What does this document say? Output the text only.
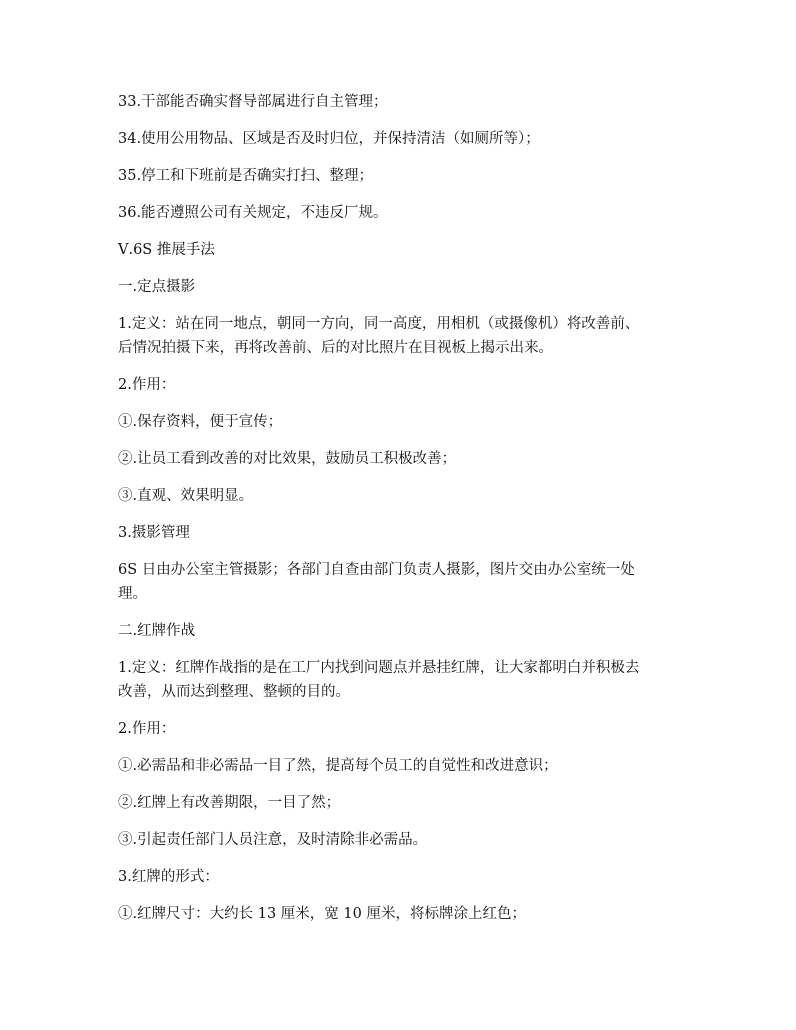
33.干部能否确实督导部属进行自主管理；
34.使用公用物品、区域是否及时归位，并保持清洁（如厕所等）；
35.停工和下班前是否确实打扫、整理；
36.能否遵照公司有关规定，不违反厂规。
Ⅴ.6S 推展手法
一.定点摄影
1.定义：站在同一地点，朝同一方向，同一高度，用相机（或摄像机）将改善前、
后情况拍摄下来，再将改善前、后的对比照片在目视板上揭示出来。
2.作用：
①.保存资料，便于宣传；
②.让员工看到改善的对比效果，鼓励员工积极改善；
③.直观、效果明显。
3.摄影管理
6S 日由办公室主管摄影；各部门自查由部门负责人摄影，图片交由办公室统一处
理。
二.红牌作战
1.定义：红牌作战指的是在工厂内找到问题点并悬挂红牌，让大家都明白并积极去
改善，从而达到整理、整顿的目的。
2.作用：
①.必需品和非必需品一目了然，提高每个员工的自觉性和改进意识；
②.红牌上有改善期限，一目了然；
③.引起责任部门人员注意，及时清除非必需品。
3.红牌的形式：
①.红牌尺寸：大约长 13 厘米，宽 10 厘米，将标牌涂上红色；
